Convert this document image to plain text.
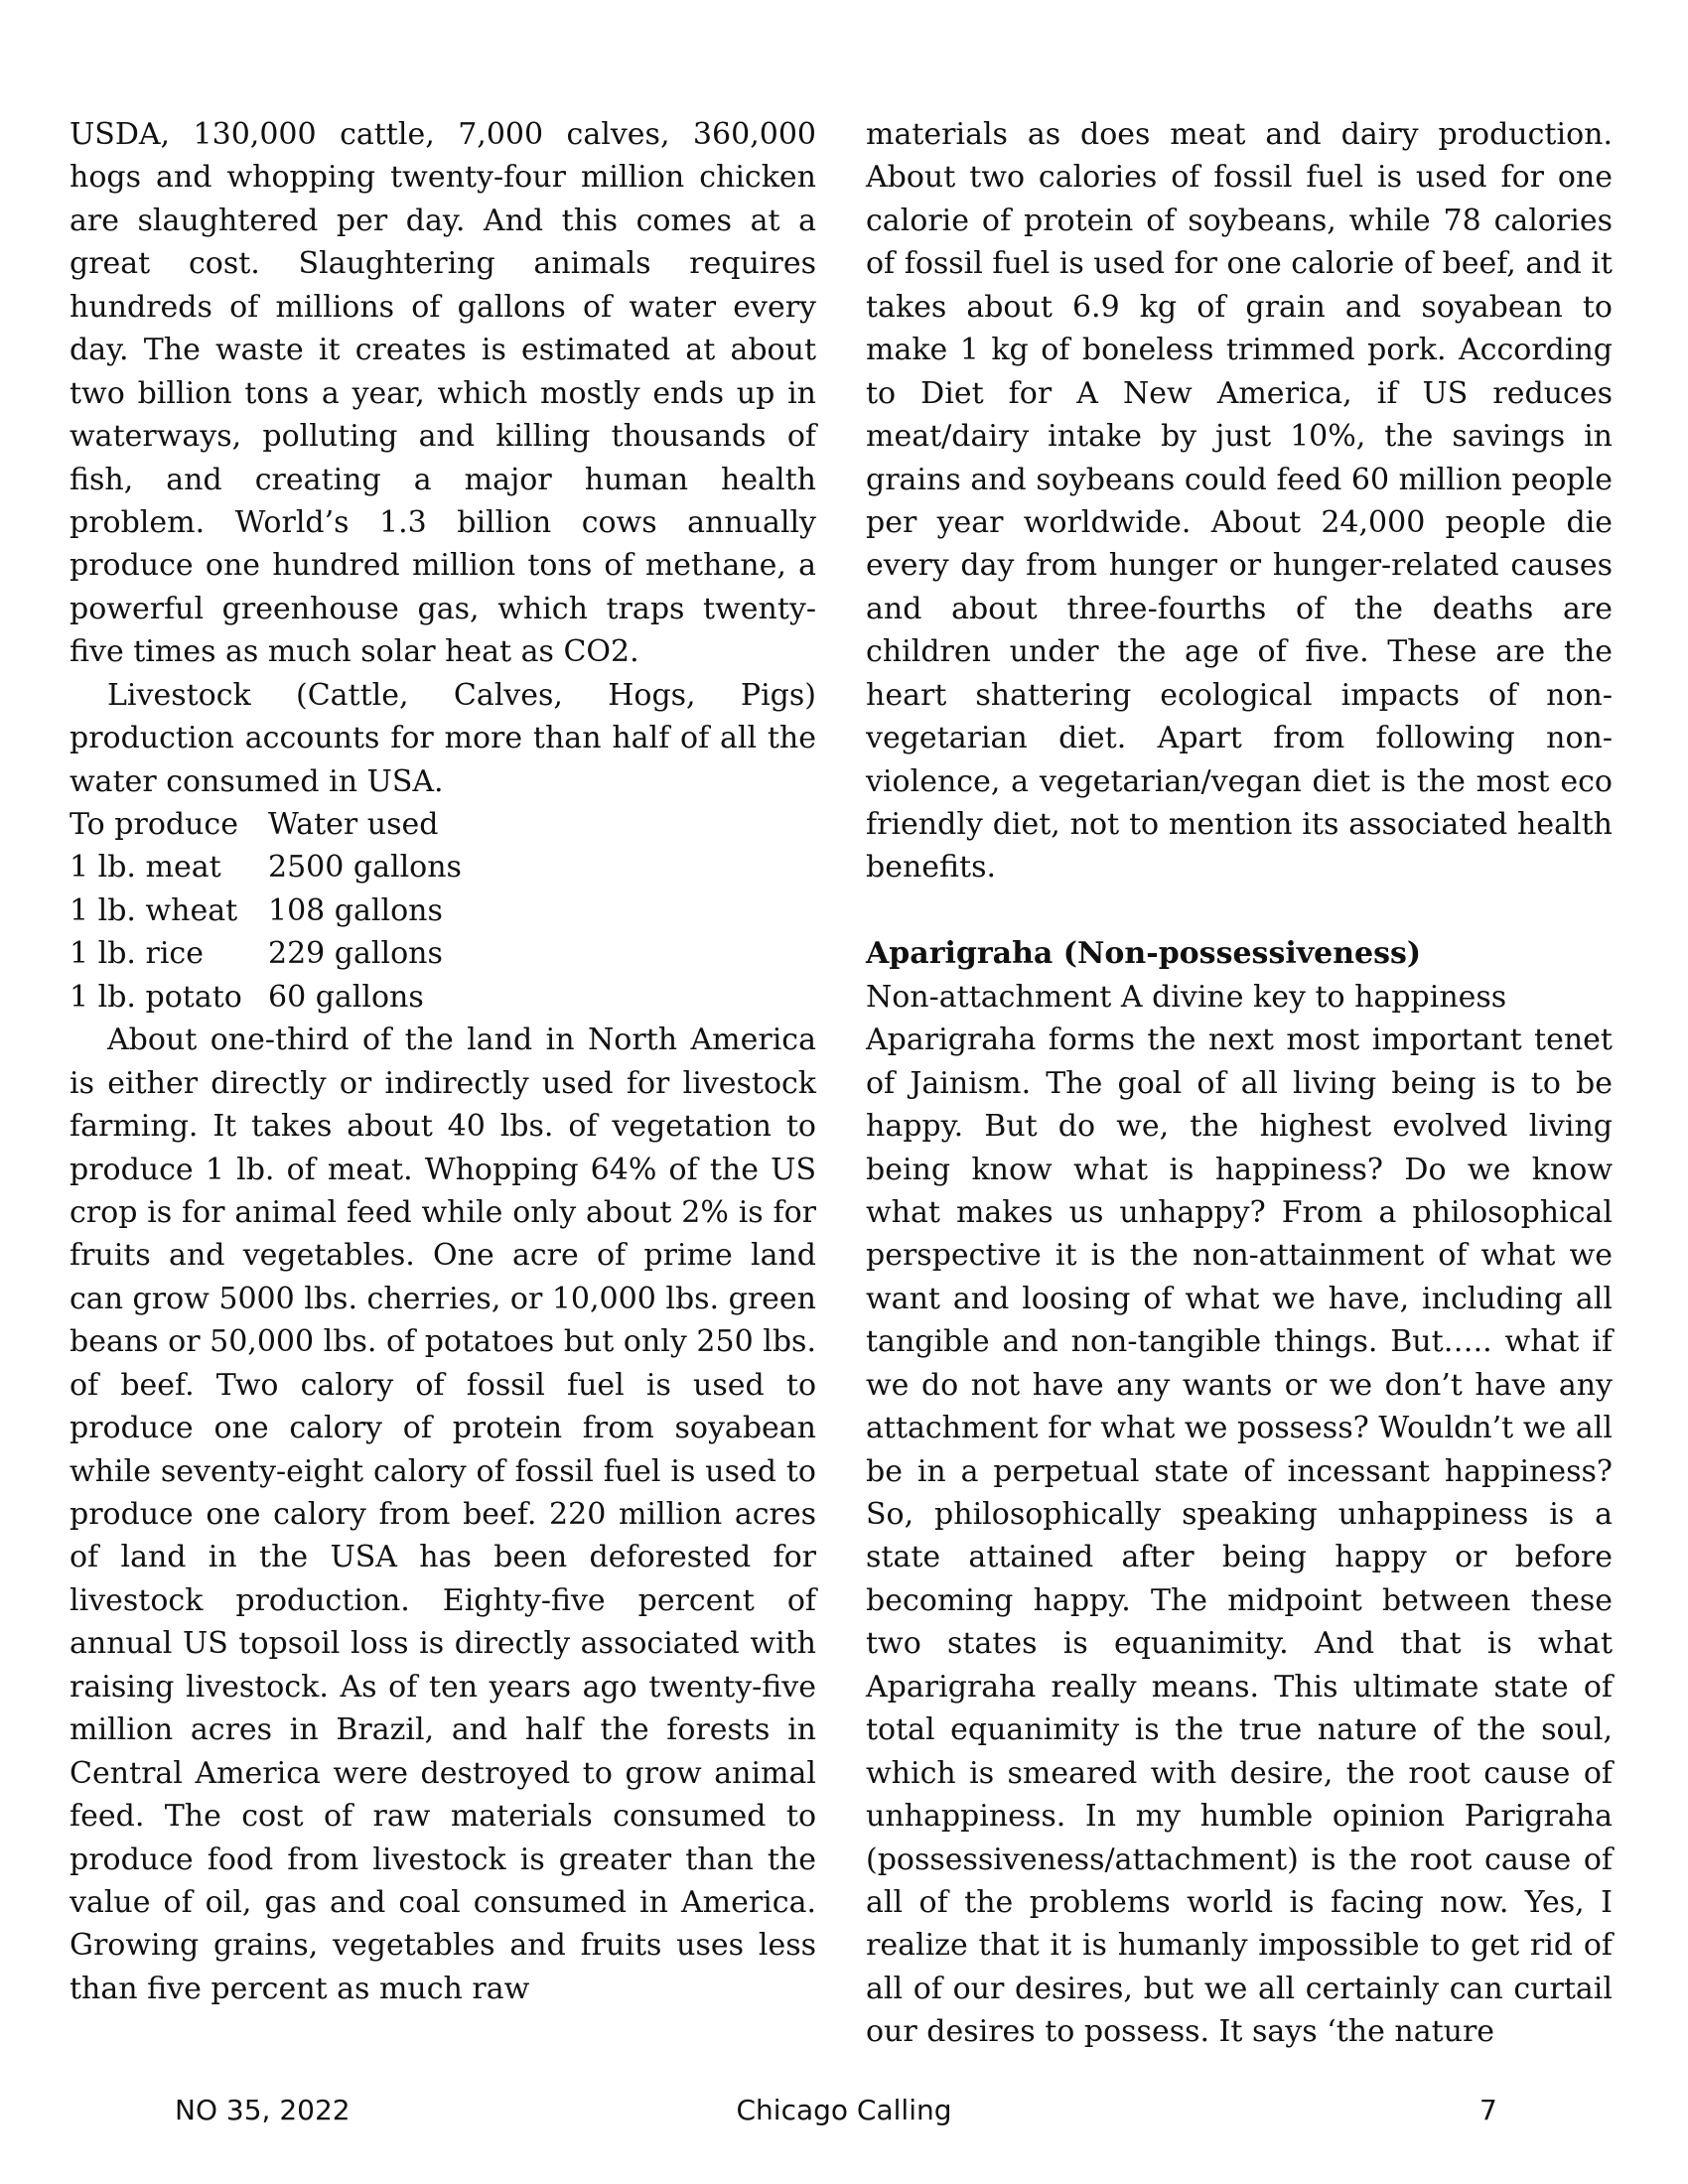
USDA, 130,000 cattle, 7,000 calves, 360,000 hogs and whopping twenty-four million chicken are slaughtered per day. And this comes at a great cost. Slaughtering animals requires hundreds of millions of gallons of water every day. The waste it creates is estimated at about two billion tons a year, which mostly ends up in waterways, polluting and killing thousands of fish, and creating a major human health problem. World’s 1.3 billion cows annually produce one hundred million tons of methane, a powerful greenhouse gas, which traps twenty-five times as much solar heat as CO2.

Livestock (Cattle, Calves, Hogs, Pigs) production accounts for more than half of all the water consumed in USA.

To produce	Water used
1 lb. meat	2500 gallons
1 lb. wheat	108 gallons
1 lb. rice	229 gallons
1 lb. potato	60 gallons

About one-third of the land in North America is either directly or indirectly used for livestock farming. It takes about 40 lbs. of vegetation to produce 1 lb. of meat. Whopping 64% of the US crop is for animal feed while only about 2% is for fruits and vegetables. One acre of prime land can grow 5000 lbs. cherries, or 10,000 lbs. green beans or 50,000 lbs. of potatoes but only 250 lbs. of beef. Two calory of fossil fuel is used to produce one calory of protein from soyabean while seventy-eight calory of fossil fuel is used to produce one calory from beef. 220 million acres of land in the USA has been deforested for livestock production. Eighty-five percent of annual US topsoil loss is directly associated with raising livestock. As of ten years ago twenty-five million acres in Brazil, and half the forests in Central America were destroyed to grow animal feed. The cost of raw materials consumed to produce food from livestock is greater than the value of oil, gas and coal consumed in America. Growing grains, vegetables and fruits uses less than five percent as much raw

materials as does meat and dairy production. About two calories of fossil fuel is used for one calorie of protein of soybeans, while 78 calories of fossil fuel is used for one calorie of beef, and it takes about 6.9 kg of grain and soyabean to make 1 kg of boneless trimmed pork. According to Diet for A New America, if US reduces meat/dairy intake by just 10%, the savings in grains and soybeans could feed 60 million people per year worldwide. About 24,000 people die every day from hunger or hunger-related causes and about three-fourths of the deaths are children under the age of five. These are the heart shattering ecological impacts of non-vegetarian diet. Apart from following non-violence, a vegetarian/vegan diet is the most eco friendly diet, not to mention its associated health benefits.

Aparigraha (Non-possessiveness)

Non-attachment A divine key to happiness

Aparigraha forms the next most important tenet of Jainism. The goal of all living being is to be happy. But do we, the highest evolved living being know what is happiness? Do we know what makes us unhappy? From a philosophical perspective it is the non-attainment of what we want and loosing of what we have, including all tangible and non-tangible things. But….. what if we do not have any wants or we don’t have any attachment for what we possess? Wouldn’t we all be in a perpetual state of incessant happiness? So, philosophically speaking unhappiness is a state attained after being happy or before becoming happy. The midpoint between these two states is equanimity. And that is what Aparigraha really means. This ultimate state of total equanimity is the true nature of the soul, which is smeared with desire, the root cause of unhappiness. In my humble opinion Parigraha (possessiveness/attachment) is the root cause of all of the problems world is facing now. Yes, I realize that it is humanly impossible to get rid of all of our desires, but we all certainly can curtail our desires to possess. It says ‘the nature

Chicago Calling
NO 35, 2022	7
